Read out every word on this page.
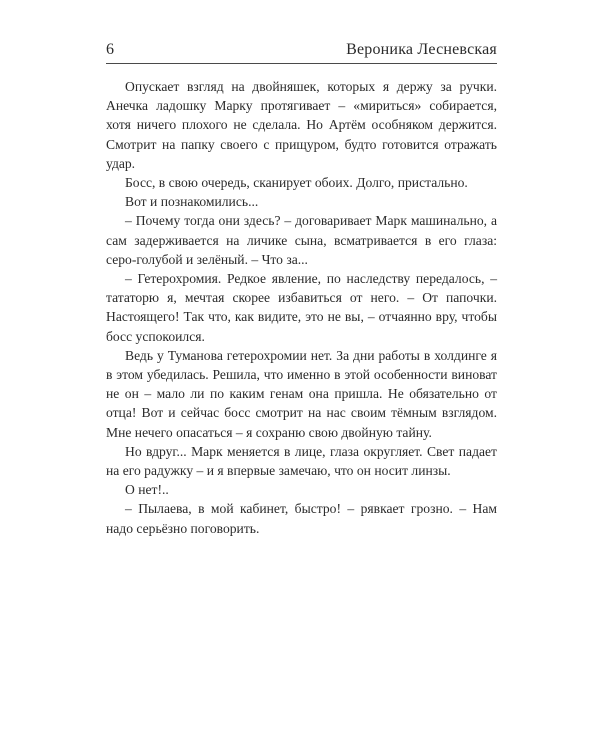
6	Вероника Лесневская

Опускает взгляд на двойняшек, которых я держу за ручки. Анечка ладошку Марку протягивает – «мириться» собирается, хотя ничего плохого не сделала. Но Артём особняком держится. Смотрит на папку своего с прищуром, будто готовится отражать удар.

Босс, в свою очередь, сканирует обоих. Долго, пристально.

Вот и познакомились...

– Почему тогда они здесь? – договаривает Марк машинально, а сам задерживается на личике сына, всматривается в его глаза: серо-голубой и зелёный. – Что за...

– Гетерохромия. Редкое явление, по наследству передалось, – тататорю я, мечтая скорее избавиться от него. – От папочки. Настоящего! Так что, как видите, это не вы, – отчаянно вру, чтобы босс успокоился.

Ведь у Туманова гетерохромии нет. За дни работы в холдинге я в этом убедилась. Решила, что именно в этой особенности виноват не он – мало ли по каким генам она пришла. Не обязательно от отца! Вот и сейчас босс смотрит на нас своим тёмным взглядом. Мне нечего опасаться – я сохраню свою двойную тайну.

Но вдруг... Марк меняется в лице, глаза округляет. Свет падает на его радужку – и я впервые замечаю, что он носит линзы.

О нет!..

– Пылаева, в мой кабинет, быстро! – рявкает грозно. – Нам надо серьёзно поговорить.
